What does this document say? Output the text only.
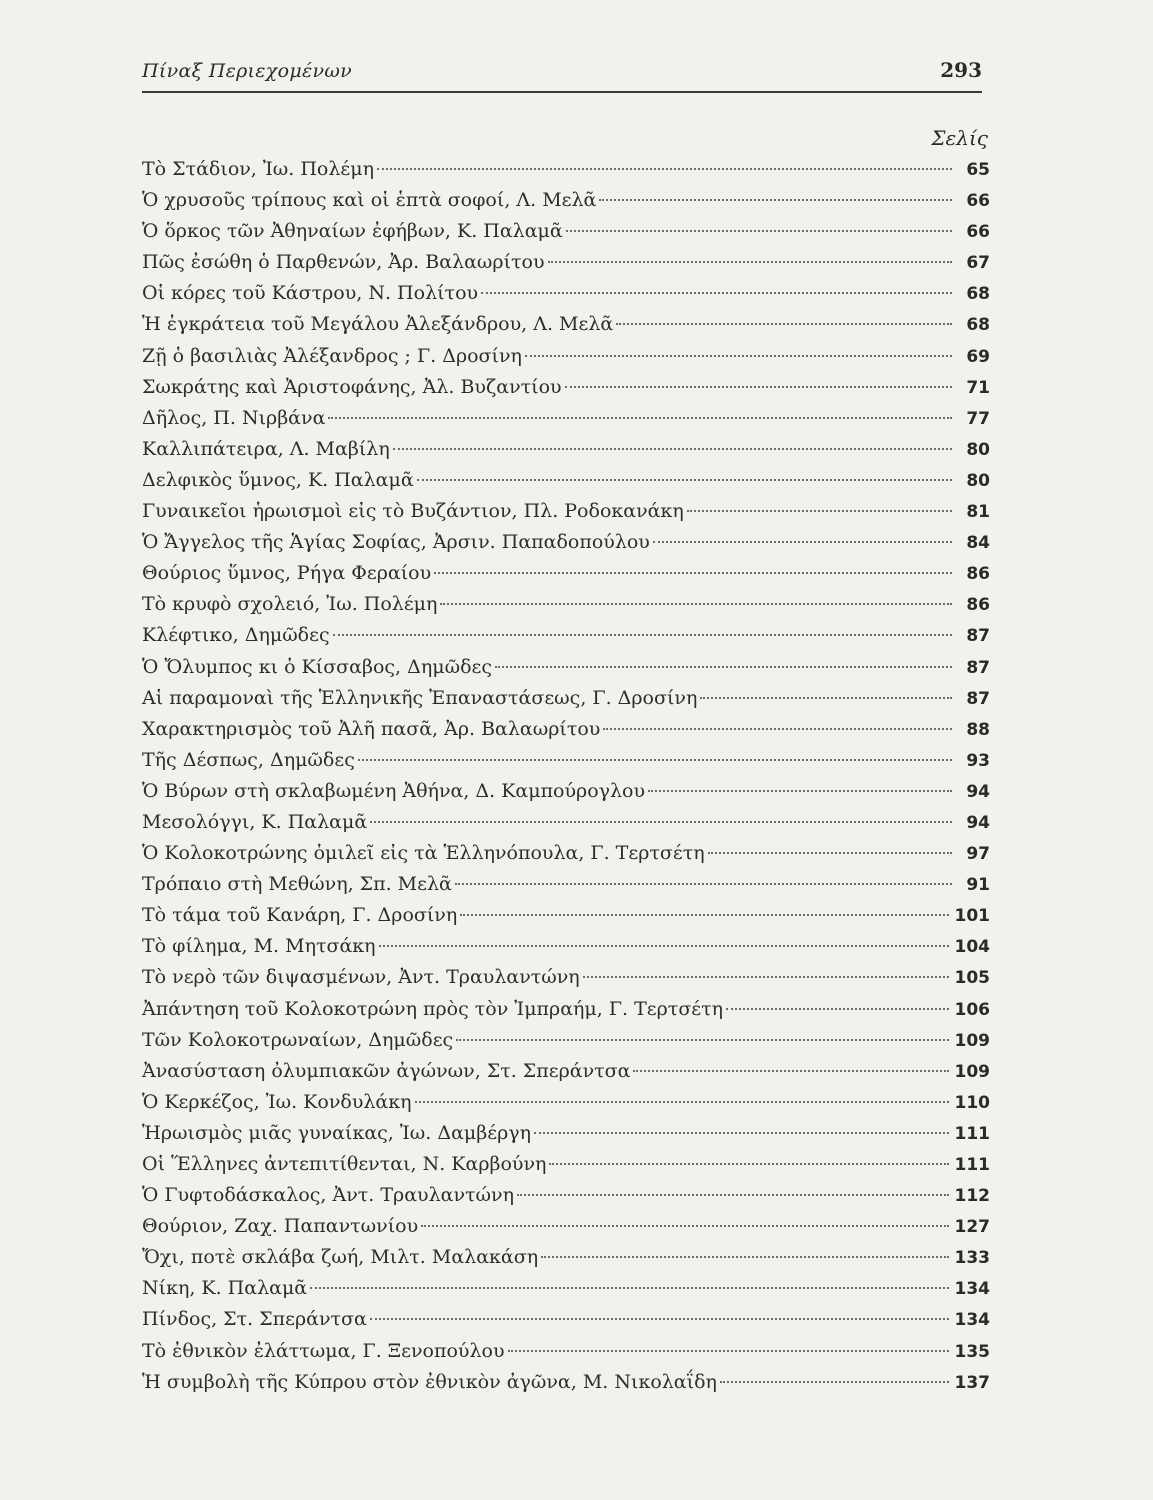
Πίναξ Περιεχομένων	293
Σελίς
Τὸ Στάδιον, Ἰω. Πολέμη	65
Ὁ χρυσοῦς τρίπους καὶ οἱ ἑπτὰ σοφοί, Λ. Μελᾶ	66
Ὁ ὅρκος τῶν Ἀθηναίων ἐφήβων, Κ. Παλαμᾶ	66
Πῶς ἐσώθη ὁ Παρθενών, Ἀρ. Βαλαωρίτου	67
Οἱ κόρες τοῦ Κάστρου, Ν. Πολίτου	68
Ἡ ἐγκράτεια τοῦ Μεγάλου Ἀλεξάνδρου, Λ. Μελᾶ	68
Ζῇ ὁ βασιλιὰς Ἀλέξανδρος ; Γ. Δροσίνη	69
Σωκράτης καὶ Ἀριστοφάνης, Ἀλ. Βυζαντίου	71
Δῆλος, Π. Νιρβάνα	77
Καλλιπάτειρα, Λ. Μαβίλη	80
Δελφικὸς ὕμνος, Κ. Παλαμᾶ	80
Γυναικεῖοι ἡρωισμοὶ εἰς τὸ Βυζάντιον, Πλ. Ροδοκανάκη	81
Ὁ Ἄγγελος τῆς Ἁγίας Σοφίας, Ἀρσιν. Παπαδοπούλου	84
Θούριος ὕμνος, Ρήγα Φεραίου	86
Τὸ κρυφὸ σχολειό, Ἰω. Πολέμη	86
Κλέφτικο, Δημῶδες	87
Ὁ Ὄλυμπος κι ὁ Κίσσαβος, Δημῶδες	87
Αἱ παραμοναὶ τῆς Ἑλληνικῆς Ἐπαναστάσεως, Γ. Δροσίνη	87
Χαρακτηρισμὸς τοῦ Ἀλῆ πασᾶ, Ἀρ. Βαλαωρίτου	88
Τῆς Δέσπως, Δημῶδες	93
Ὁ Βύρων στὴ σκλαβωμένη Ἀθήνα, Δ. Καμπούρογλου	94
Μεσολόγγι, Κ. Παλαμᾶ	94
Ὁ Κολοκοτρώνης ὁμιλεῖ εἰς τὰ Ἑλληνόπουλα, Γ. Τερτσέτη	97
Τρόπαιο στὴ Μεθώνη, Σπ. Μελᾶ	91
Τὸ τάμα τοῦ Κανάρη, Γ. Δροσίνη	101
Τὸ φίλημα, Μ. Μητσάκη	104
Τὸ νερὸ τῶν διψασμένων, Ἀντ. Τραυλαντώνη	105
Ἀπάντηση τοῦ Κολοκοτρώνη πρὸς τὸν Ἰμπραήμ, Γ. Τερτσέτη	106
Τῶν Κολοκοτρωναίων, Δημῶδες	109
Ἀνασύσταση ὀλυμπιακῶν ἀγώνων, Στ. Σπεράντσα	109
Ὁ Κερκέζος, Ἰω. Κονδυλάκη	110
Ἡρωισμὸς μιᾶς γυναίκας, Ἰω. Δαμβέργη	111
Οἱ Ἕλληνες ἀντεπιτίθενται, Ν. Καρβούνη	111
Ὁ Γυφτοδάσκαλος, Ἀντ. Τραυλαντώνη	112
Θούριον, Ζαχ. Παπαντωνίου	127
Ὄχι, ποτὲ σκλάβα ζωή, Μιλτ. Μαλακάση	133
Νίκη, Κ. Παλαμᾶ	134
Πίνδος, Στ. Σπεράντσα	134
Τὸ ἐθνικὸν ἐλάττωμα, Γ. Ξενοπούλου	135
Ἡ συμβολὴ τῆς Κύπρου στὸν ἐθνικὸν ἀγῶνα, Μ. Νικολαΐδη	137
